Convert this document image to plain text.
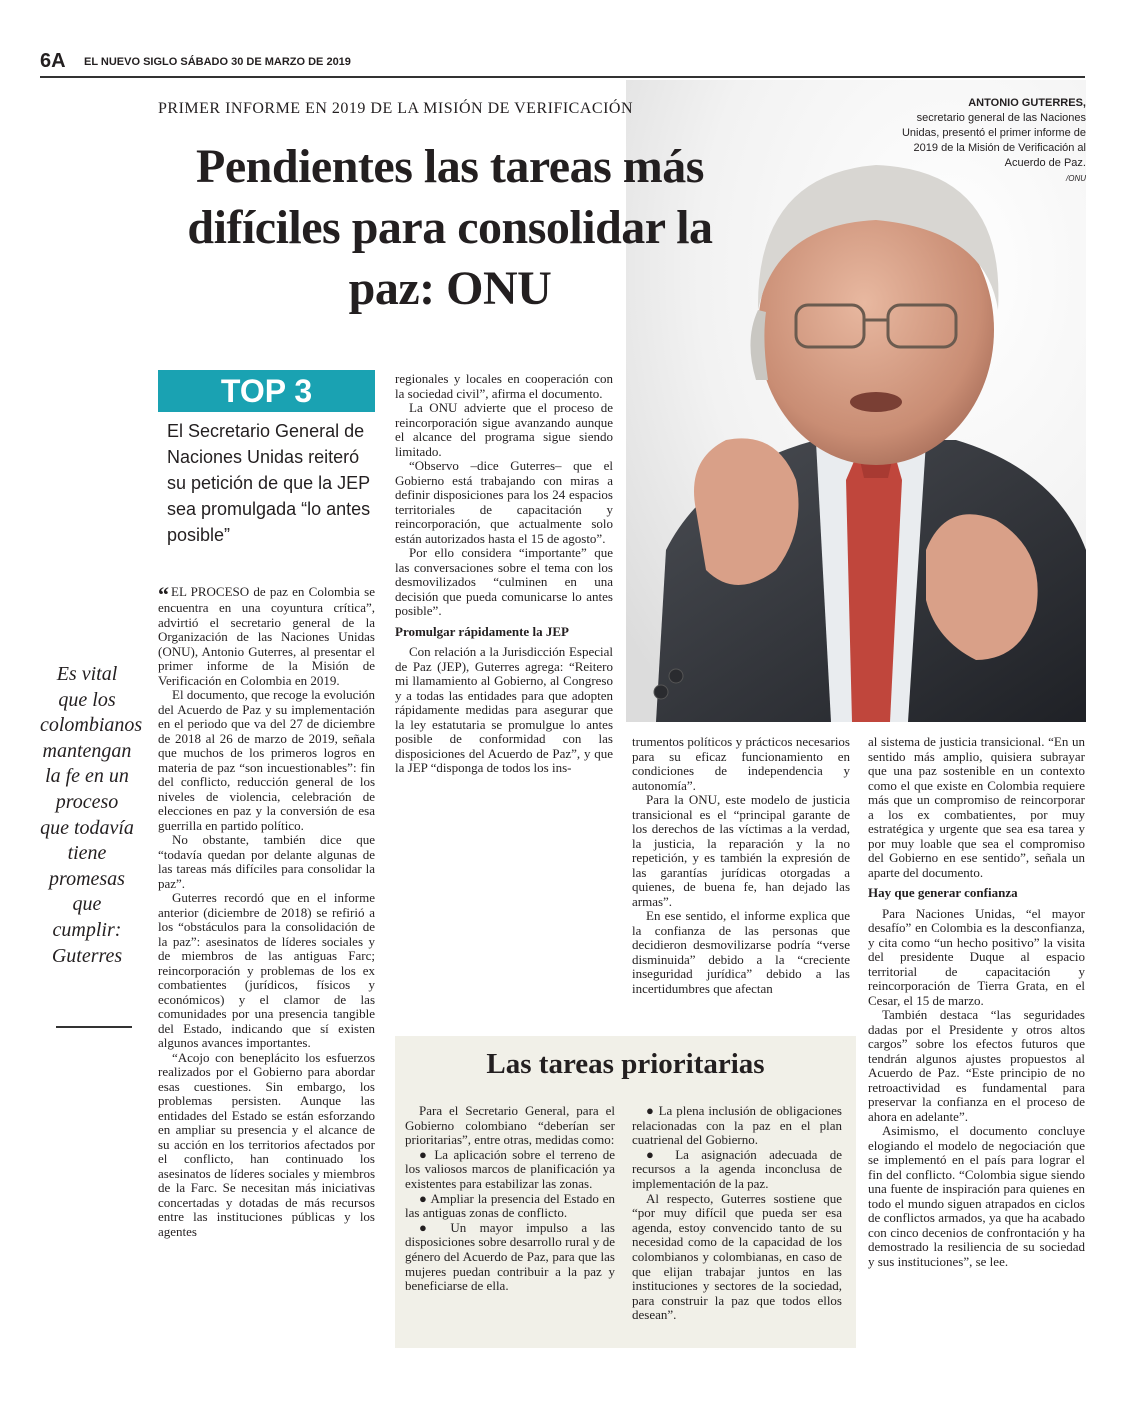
6A EL NUEVO SIGLO SÁBADO 30 DE MARZO DE 2019
PRIMER INFORME EN 2019 DE LA MISIÓN DE VERIFICACIÓN
Pendientes las tareas más difíciles para consolidar la paz: ONU
ANTONIO GUTERRES,
secretario general de las Naciones Unidas, presentó el primer informe de 2019 de la Misión de Verificación al Acuerdo de Paz.
/ONU
TOP 3
El Secretario General de Naciones Unidas reiteró su petición de que la JEP sea promulgada “lo antes posible”
Es vital que los colombianos mantengan la fe en un proceso que todavía tiene promesas que cumplir: Guterres

“ EL PROCESO de paz en Colombia se encuentra en una coyuntura crítica”, advirtió el secretario general de la Organización de las Naciones Unidas (ONU), Antonio Guterres, al presentar el primer informe de la Misión de Verificación en Colombia en 2019.

El documento, que recoge la evolución del Acuerdo de Paz y su implementación en el periodo que va del 27 de diciembre de 2018 al 26 de marzo de 2019, señala que muchos de los primeros logros en materia de paz “son incuestionables”: fin del conflicto, reducción general de los niveles de violencia, celebración de elecciones en paz y la conversión de esa guerrilla en partido político.

No obstante, también dice que “todavía quedan por delante algunas de las tareas más difíciles para consolidar la paz”.

Guterres recordó que en el informe anterior (diciembre de 2018) se refirió a los “obstáculos para la consolidación de la paz”: asesinatos de líderes sociales y de miembros de las antiguas Farc; reincorporación y problemas de los ex combatientes (jurídicos, físicos y económicos) y el clamor de las comunidades por una presencia tangible del Estado, indicando que sí existen algunos avances importantes.

“Acojo con beneplácito los esfuerzos realizados por el Gobierno para abordar esas cuestiones. Sin embargo, los problemas persisten. Aunque las entidades del Estado se están esforzando en ampliar su presencia y el alcance de su acción en los territorios afectados por el conflicto, han continuado los asesinatos de líderes sociales y miembros de la Farc. Se necesitan más iniciativas concertadas y dotadas de más recursos entre las instituciones públicas y los agentes

regionales y locales en cooperación con la sociedad civil”, afirma el documento.

La ONU advierte que el proceso de reincorporación sigue avanzando aunque el alcance del programa sigue siendo limitado.

“Observo –dice Guterres– que el Gobierno está trabajando con miras a definir disposiciones para los 24 espacios territoriales de capacitación y reincorporación, que actualmente solo están autorizados hasta el 15 de agosto”.

Por ello considera “importante” que las conversaciones sobre el tema con los desmovilizados “culminen en una decisión que pueda comunicarse lo antes posible”.

Promulgar rápidamente la JEP

Con relación a la Jurisdicción Especial de Paz (JEP), Guterres agrega: “Reitero mi llamamiento al Gobierno, al Congreso y a todas las entidades para que adopten rápidamente medidas para asegurar que la ley estatutaria se promulgue lo antes posible de conformidad con las disposiciones del Acuerdo de Paz”, y que la JEP “disponga de todos los ins-

trumentos políticos y prácticos necesarios para su eficaz funcionamiento en condiciones de independencia y autonomía”.

Para la ONU, este modelo de justicia transicional es el “principal garante de los derechos de las víctimas a la verdad, la justicia, la reparación y la no repetición, y es también la expresión de las garantías jurídicas otorgadas a quienes, de buena fe, han dejado las armas”.

En ese sentido, el informe explica que la confianza de las personas que decidieron desmovilizarse podría “verse disminuida” debido a la “creciente inseguridad jurídica” debido a las incertidumbres que afectan

al sistema de justicia transicional. “En un sentido más amplio, quisiera subrayar que una paz sostenible en un contexto como el que existe en Colombia requiere más que un compromiso de reincorporar a los ex combatientes, por muy estratégica y urgente que sea esa tarea y por muy loable que sea el compromiso del Gobierno en ese sentido”, señala un aparte del documento.

Hay que generar confianza

Para Naciones Unidas, “el mayor desafío” en Colombia es la desconfianza, y cita como “un hecho positivo” la visita del presidente Duque al espacio territorial de capacitación y reincorporación de Tierra Grata, en el Cesar, el 15 de marzo.

También destaca “las seguridades dadas por el Presidente y otros altos cargos” sobre los efectos futuros que tendrán algunos ajustes propuestos al Acuerdo de Paz. “Este principio de no retroactividad es fundamental para preservar la confianza en el proceso de ahora en adelante”.

Asimismo, el documento concluye elogiando el modelo de negociación que se implementó en el país para lograr el fin del conflicto. “Colombia sigue siendo una fuente de inspiración para quienes en todo el mundo siguen atrapados en ciclos de conflictos armados, ya que ha acabado con cinco decenios de confrontación y ha demostrado la resiliencia de su sociedad y sus instituciones”, se lee.

Las tareas prioritarias

Para el Secretario General, para el Gobierno colombiano “deberían ser prioritarias”, entre otras, medidas como:

● La aplicación sobre el terreno de los valiosos marcos de planificación ya existentes para estabilizar las zonas.

● Ampliar la presencia del Estado en las antiguas zonas de conflicto.

● Un mayor impulso a las disposiciones sobre desarrollo rural y de género del Acuerdo de Paz, para que las mujeres puedan contribuir a la paz y beneficiarse de ella.

● La plena inclusión de obligaciones relacionadas con la paz en el plan cuatrienal del Gobierno.

● La asignación adecuada de recursos a la agenda inconclusa de implementación de la paz.

Al respecto, Guterres sostiene que “por muy difícil que pueda ser esa agenda, estoy convencido tanto de su necesidad como de la capacidad de los colombianos y colombianas, en caso de que elijan trabajar juntos en las instituciones y sectores de la sociedad, para construir la paz que todos ellos desean”.
